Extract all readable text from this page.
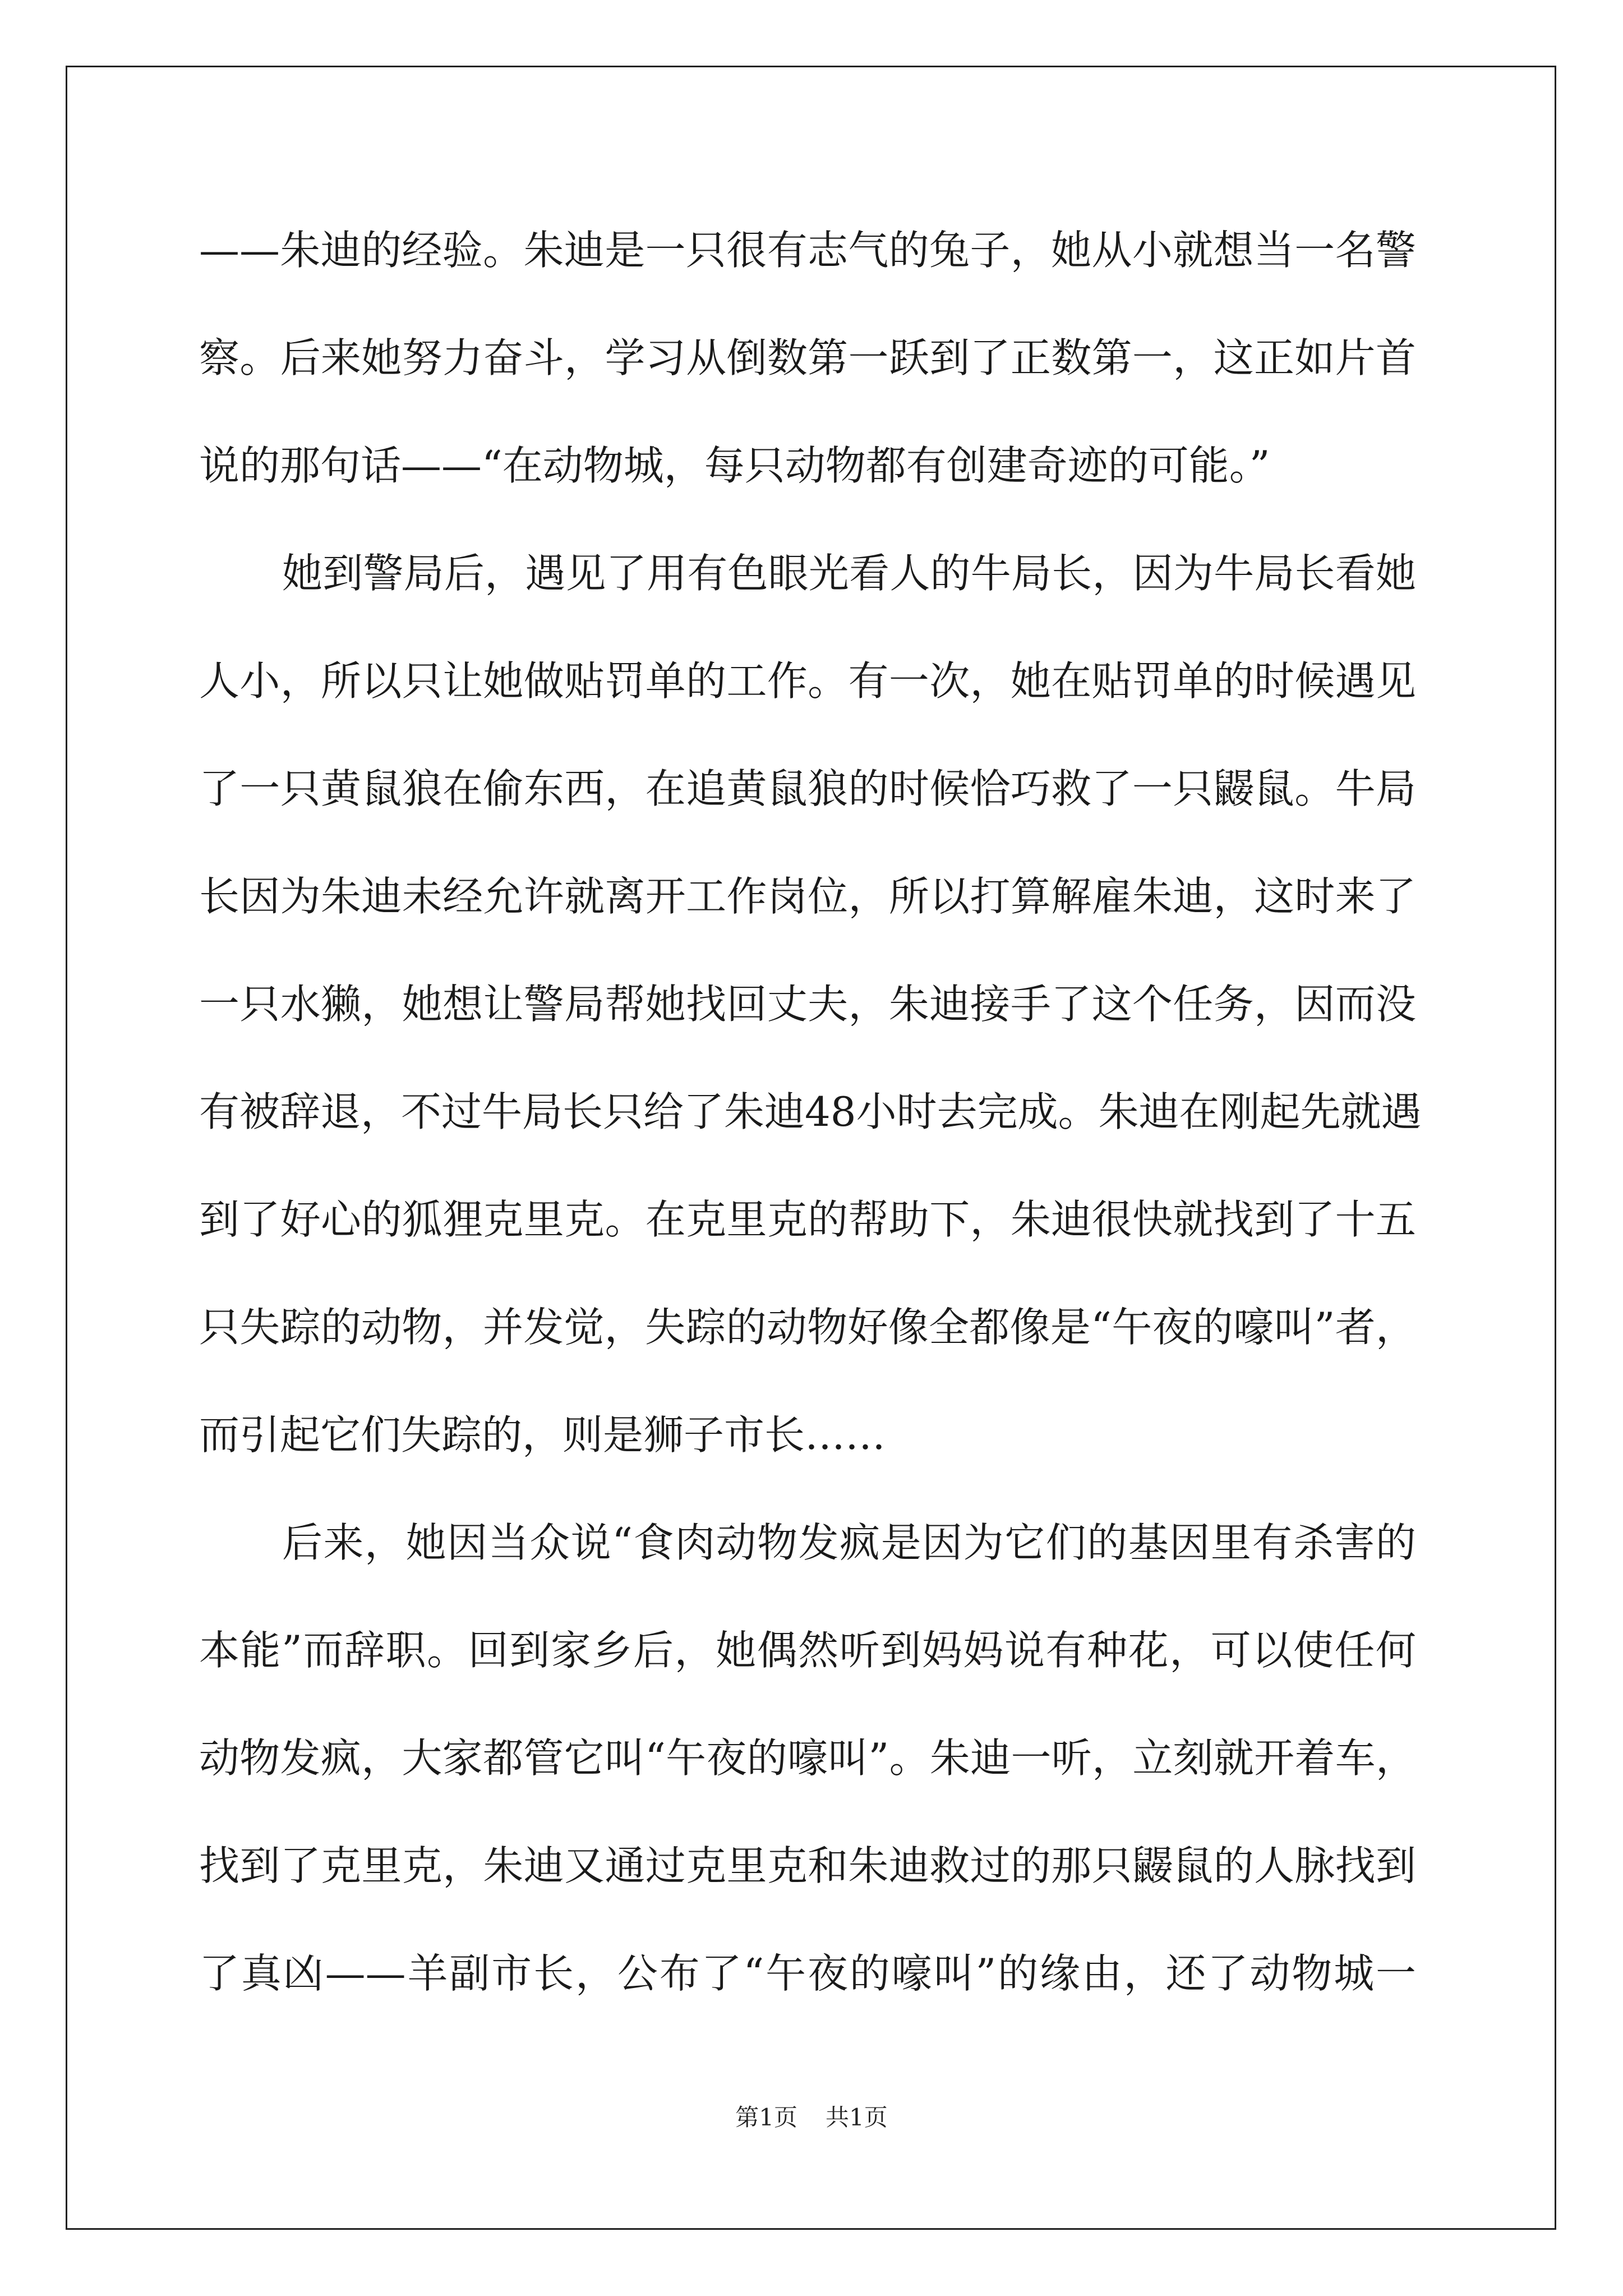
——朱迪的经验。朱迪是一只很有志气的兔子，她从小就想当一名警
察。后来她努力奋斗，学习从倒数第一跃到了正数第一，这正如片首
说的那句话——“在动物城，每只动物都有创建奇迹的可能。”
她到警局后，遇见了用有色眼光看人的牛局长，因为牛局长看她
人小，所以只让她做贴罚单的工作。有一次，她在贴罚单的时候遇见
了一只黄鼠狼在偷东西，在追黄鼠狼的时候恰巧救了一只鼹鼠。牛局
长因为朱迪未经允许就离开工作岗位，所以打算解雇朱迪，这时来了
一只水獭，她想让警局帮她找回丈夫，朱迪接手了这个任务，因而没
有被辞退，不过牛局长只给了朱迪48小时去完成。朱迪在刚起先就遇
到了好心的狐狸克里克。在克里克的帮助下，朱迪很快就找到了十五
只失踪的动物，并发觉，失踪的动物好像全都像是“午夜的嚎叫”者，
而引起它们失踪的，则是狮子市长……
后来，她因当众说“食肉动物发疯是因为它们的基因里有杀害的
本能”而辞职。回到家乡后，她偶然听到妈妈说有种花，可以使任何
动物发疯，大家都管它叫“午夜的嚎叫”。朱迪一听，立刻就开着车，
找到了克里克，朱迪又通过克里克和朱迪救过的那只鼹鼠的人脉找到
了真凶——羊副市长，公布了“午夜的嚎叫”的缘由，还了动物城一
第1页 共1页
